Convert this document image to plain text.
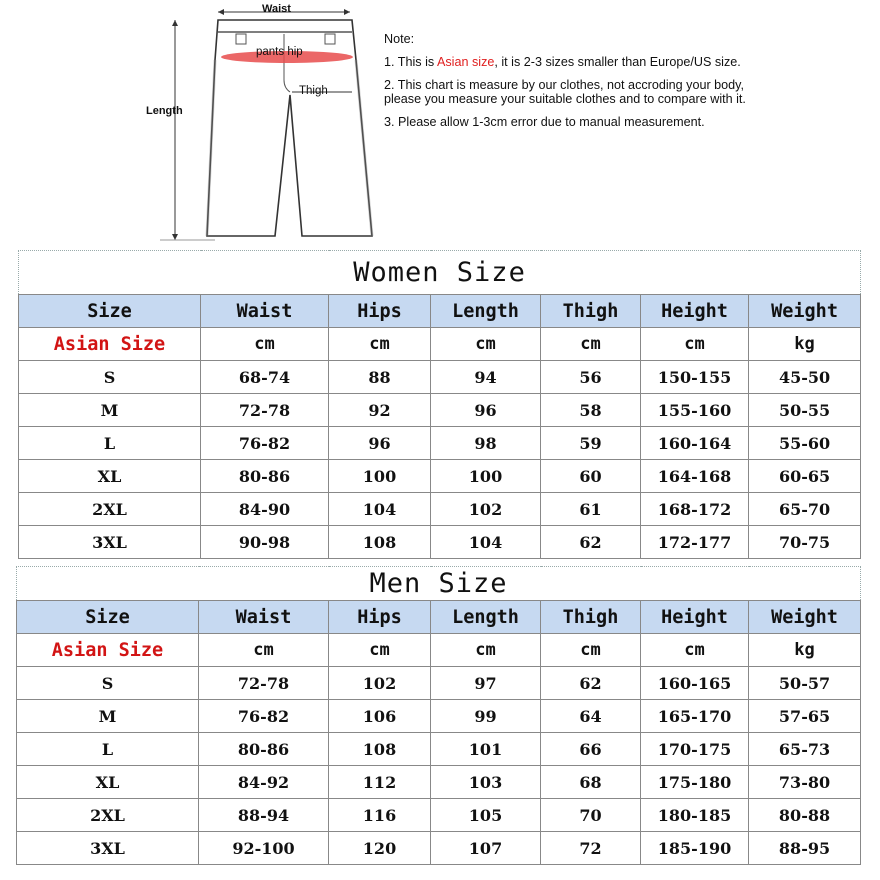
Waist
Length
pants hip
Thigh

Note:

1. This is Asian size, it is 2-3 sizes smaller than Europe/US size.

2. This chart is measure by our clothes, not accroding your body,
please you measure your suitable clothes and to compare with it.

3. Please allow 1-3cm error due to manual measurement.

Women Size						
Size	Waist	Hips	Length	Thigh	Height	Weight
Asian Size	cm	cm	cm	cm	cm	kg
S	68-74	88	94	56	150-155	45-50
M	72-78	92	96	58	155-160	50-55
L	76-82	96	98	59	160-164	55-60
XL	80-86	100	100	60	164-168	60-65
2XL	84-90	104	102	61	168-172	65-70
3XL	90-98	108	104	62	172-177	70-75
Men Size						
Size	Waist	Hips	Length	Thigh	Height	Weight
Asian Size	cm	cm	cm	cm	cm	kg
S	72-78	102	97	62	160-165	50-57
M	76-82	106	99	64	165-170	57-65
L	80-86	108	101	66	170-175	65-73
XL	84-92	112	103	68	175-180	73-80
2XL	88-94	116	105	70	180-185	80-88
3XL	92-100	120	107	72	185-190	88-95
